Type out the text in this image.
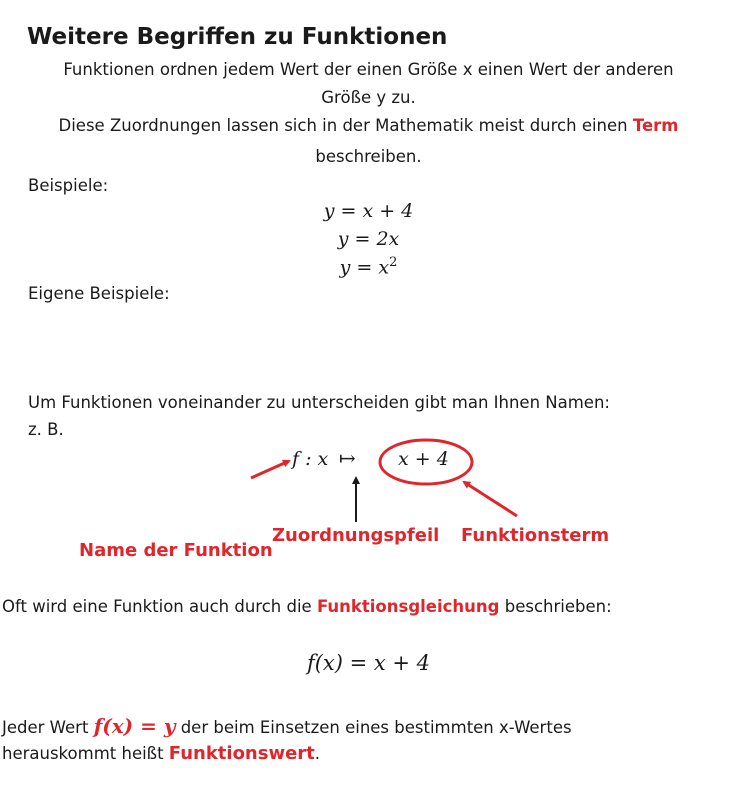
Weitere Begriffen zu Funktionen
Funktionen ordnen jedem Wert der einen Größe x einen Wert der anderen
Größe y zu.
Diese Zuordnungen lassen sich in der Mathematik meist durch einen Term
beschreiben.
Beispiele:
y = x + 4
y = 2x
$y = x^2$
Eigene Beispiele:
Um Funktionen voneinander zu unterscheiden gibt man Ihnen Namen:
z. B.
f : x ↦ x + 4
Name der Funktion
Zuordnungspfeil Funktionsterm
Oft wird eine Funktion auch durch die Funktionsgleichung beschrieben:
f(x) = x + 4
Jeder Wert f(x) = y der beim Einsetzen eines bestimmten x-Wertes
herauskommt heißt Funktionswert.
